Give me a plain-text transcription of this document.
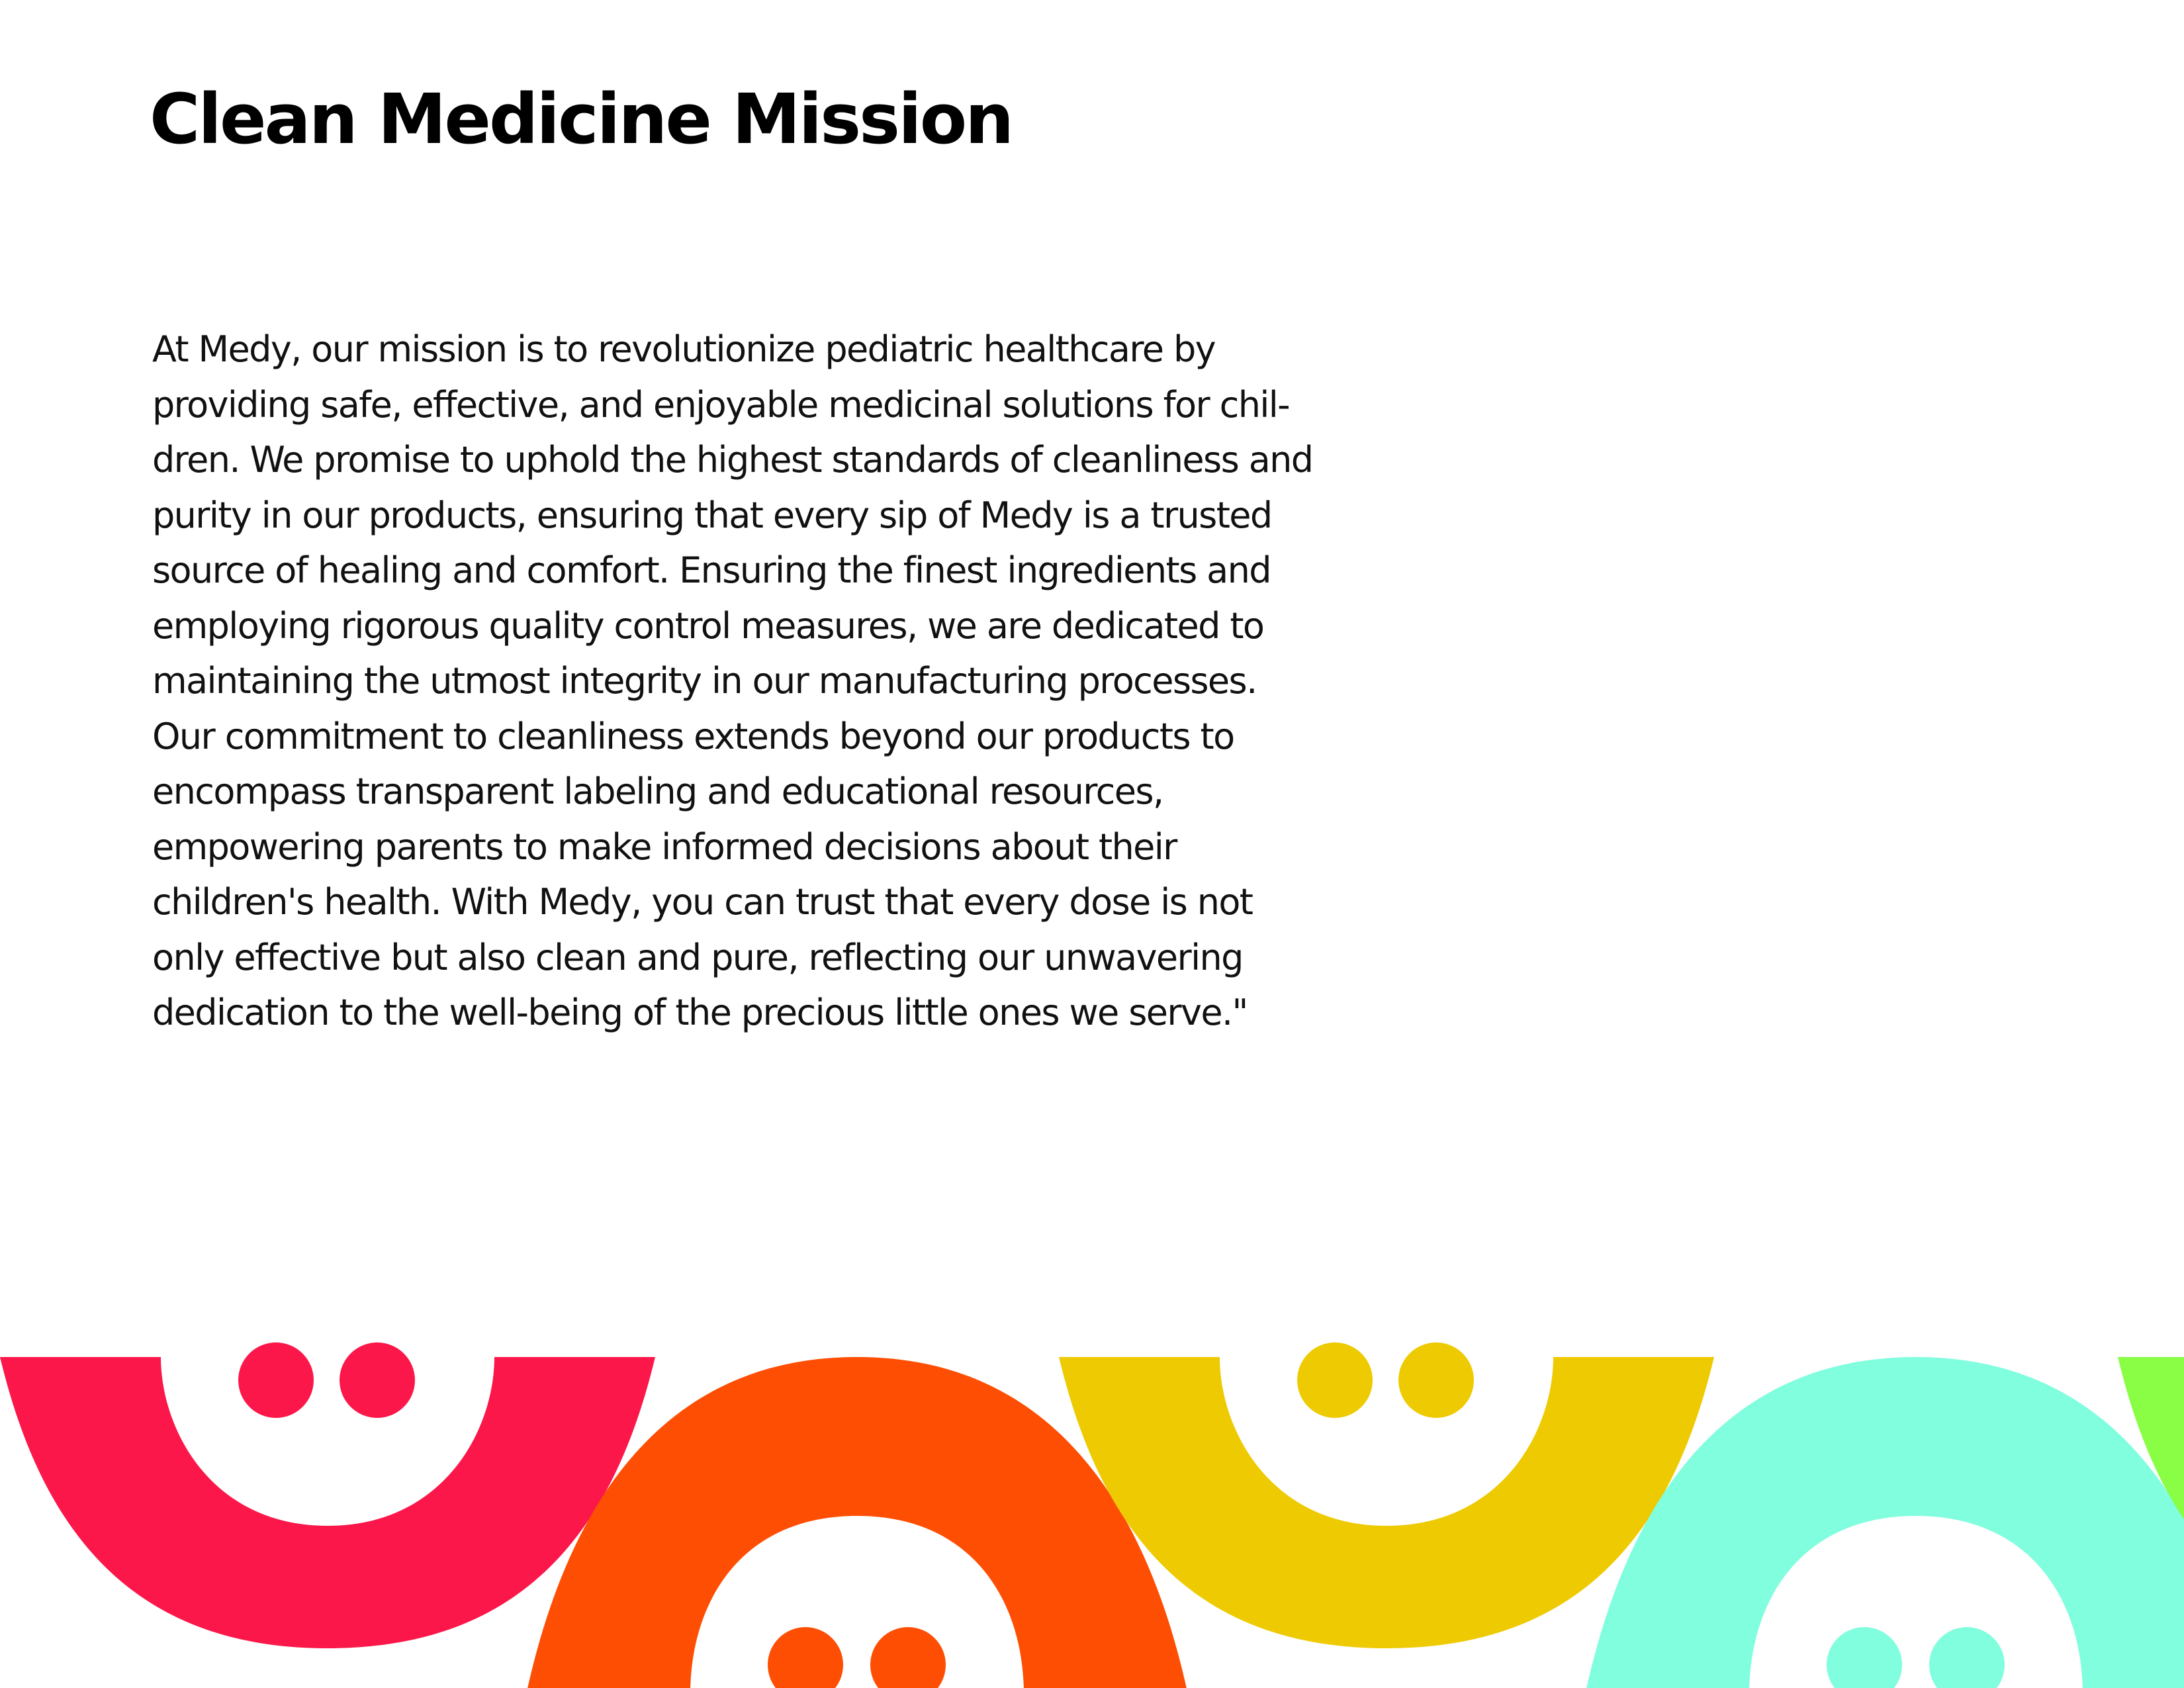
Clean Medicine Mission

At Medy, our mission is to revolutionize pediatric healthcare by
providing safe, effective, and enjoyable medicinal solutions for chil-
dren. We promise to uphold the highest standards of cleanliness and
purity in our products, ensuring that every sip of Medy is a trusted
source of healing and comfort. Ensuring the finest ingredients and
employing rigorous quality control measures, we are dedicated to
maintaining the utmost integrity in our manufacturing processes.
Our commitment to cleanliness extends beyond our products to
encompass transparent labeling and educational resources,
empowering parents to make informed decisions about their
children's health. With Medy, you can trust that every dose is not
only effective but also clean and pure, reflecting our unwavering
dedication to the well-being of the precious little ones we serve."
